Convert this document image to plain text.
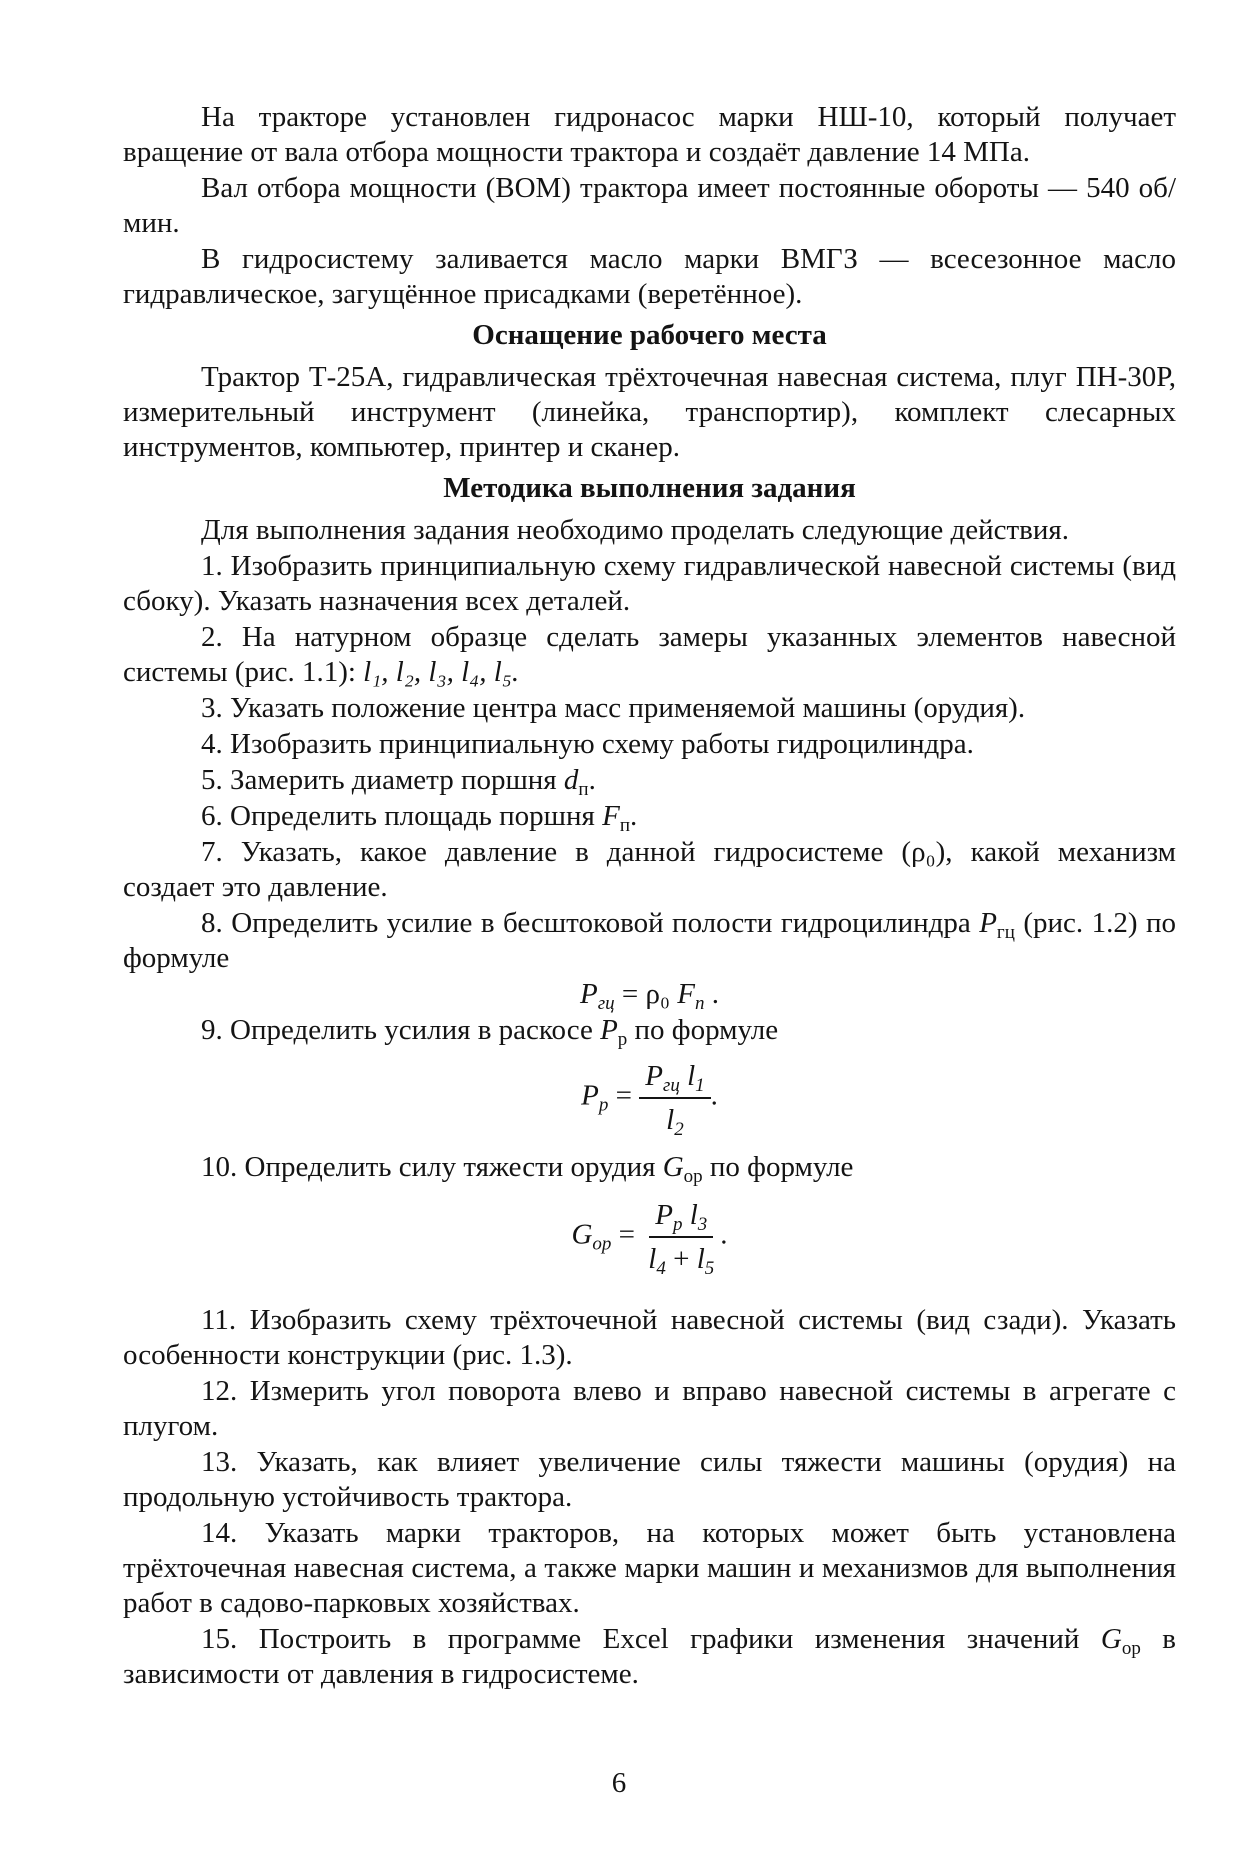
На тракторе установлен гидронасос марки НШ-10, который получает вращение от вала отбора мощности трактора и создаёт давление 14 МПа.

Вал отбора мощности (ВОМ) трактора имеет постоянные обороты — 540 об/мин.

В гидросистему заливается масло марки ВМГЗ — всесезонное масло гидравлическое, загущённое присадками (веретённое).

Оснащение рабочего места

Трактор Т-25А, гидравлическая трёхточечная навесная система, плуг ПН-30Р, измерительный инструмент (линейка, транспортир), комплект слесарных инструментов, компьютер, принтер и сканер.

Методика выполнения задания

Для выполнения задания необходимо проделать следующие действия.

1. Изобразить принципиальную схему гидравлической навесной системы (вид сбоку). Указать назначения всех деталей.

2. На натурном образце сделать замеры указанных элементов навесной системы (рис. 1.1): l₁, l₂, l₃, l₄, l₅.

3. Указать положение центра масс применяемой машины (орудия).

4. Изобразить принципиальную схему работы гидроцилиндра.

5. Замерить диаметр поршня $d_п$.

6. Определить площадь поршня $F_п$.

7. Указать, какое давление в данной гидросистеме (ρ₀), какой механизм создает это давление.

8. Определить усилие в бесштоковой полости гидроцилиндра $P_{гц}$ (рис. 1.2) по формуле

$P_{гц} = \rho_0$ $F_п$ .

9. Определить усилия в раскосе $P_р$ по формуле

$P_р = \frac{P_{гц} l_1}{l_2}$ .

10. Определить силу тяжести орудия $G_{ор}$ по формуле

$G_{ор} = \frac{P_р l_3}{l_4 + l_5}$ .

11. Изобразить схему трёхточечной навесной системы (вид сзади). Указать особенности конструкции (рис. 1.3).

12. Измерить угол поворота влево и вправо навесной системы в агрегате с плугом.

13. Указать, как влияет увеличение силы тяжести машины (орудия) на продольную устойчивость трактора.

14. Указать марки тракторов, на которых может быть установлена трёхточечная навесная система, а также марки машин и механизмов для выполнения работ в садово-парковых хозяйствах.

15. Построить в программе Excel графики изменения значений $G_{ор}$ в зависимости от давления в гидросистеме.

6
